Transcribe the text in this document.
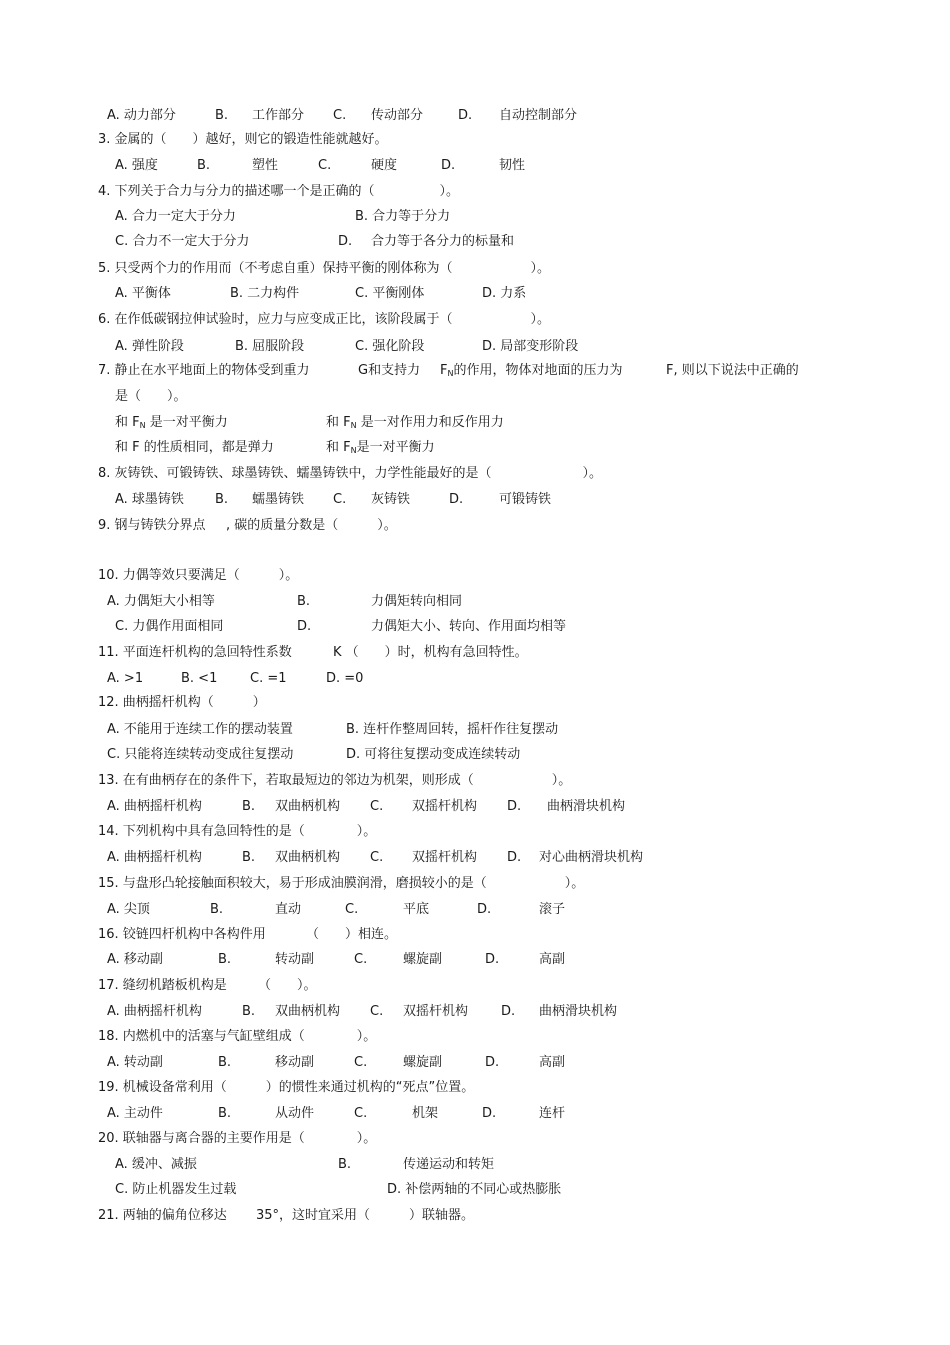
A. 动力部分	B. 工作部分 C. 传动部分	D. 自动控制部分
3. 金属的（　　）越好，则它的锻造性能就越好。
A. 强度	B.	塑性	C.	硬度	D.	韧性
4. 下列关于合力与分力的描述哪一个是正确的（　　　　　）。
A. 合力一定大于分力	B. 合力等于分力
C. 合力不一定大于分力	D. 合力等于各分力的标量和
5. 只受两个力的作用而（不考虑自重）保持平衡的刚体称为（　　　　　　）。
A. 平衡体	B. 二力构件	C. 平衡刚体	D. 力系
6. 在作低碳钢拉伸试验时，应力与应变成正比，该阶段属于（　　　　　　）。
A. 弹性阶段	B. 屈服阶段	C. 强化阶段	D. 局部变形阶段
7. 静止在水平地面上的物体受到重力	G和支持力 $F_N$的作用，物体对地面的压力为	F, 则以下说法中正确的
是（　　）。
和 $F_N$ 是一对平衡力	和 $F_N$ 是一对作用力和反作用力
和 F 的性质相同，都是弹力	和 $F_N$是一对平衡力
8. 灰铸铁、可锻铸铁、球墨铸铁、蠕墨铸铁中，力学性能最好的是（　　　　　　　）。
A. 球墨铸铁 B. 蠕墨铸铁 C. 灰铸铁	D.	可锻铸铁
9. 钢与铸铁分界点 , 碳的质量分数是（　　　）。
10. 力偶等效只要满足（　　　）。
A. 力偶矩大小相等	B.	力偶矩转向相同
C. 力偶作用面相同	D.	力偶矩大小、转向、作用面均相等
11. 平面连杆机构的急回特性系数	K （　　）时，机构有急回特性。
A. >1	B. <1	C. =1	D. =0
12. 曲柄摇杆机构（　　　）
A. 不能用于连续工作的摆动装置	B. 连杆作整周回转，摇杆作往复摆动
C. 只能将连续转动变成往复摆动	D. 可将往复摆动变成连续转动
13. 在有曲柄存在的条件下，若取最短边的邻边为机架，则形成（　　　　　　）。
A. 曲柄摇杆机构	B. 双曲柄机构 C. 双摇杆机构 D. 曲柄滑块机构
14. 下列机构中具有急回特性的是（　　　　）。
A. 曲柄摇杆机构	B. 双曲柄机构 C. 双摇杆机构 D. 对心曲柄滑块机构
15. 与盘形凸轮接触面积较大，易于形成油膜润滑，磨损较小的是（　　　　　　）。
A. 尖顶	B.	直动	C.	平底	D.	滚子
16. 铰链四杆机构中各构件用	（　　）相连。
A. 移动副	B.	转动副	C.	螺旋副	D.	高副
17. 缝纫机踏板机构是 （　　）。
A. 曲柄摇杆机构	B. 双曲柄机构 C. 双摇杆机构	D. 曲柄滑块机构
18. 内燃机中的活塞与气缸壁组成（　　　　）。
A. 转动副	B.	移动副	C.	螺旋副	D.	高副
19. 机械设备常利用（　　　）的惯性来通过机构的“死点”位置。
A. 主动件	B.	从动件	C.	机架	D.	连杆
20. 联轴器与离合器的主要作用是（　　　　）。
A. 缓冲、减振	B.	传递运动和转矩
C. 防止机器发生过载	D. 补偿两轴的不同心或热膨胀
21. 两轴的偏角位移达 35°，这时宜采用（　　　）联轴器。
